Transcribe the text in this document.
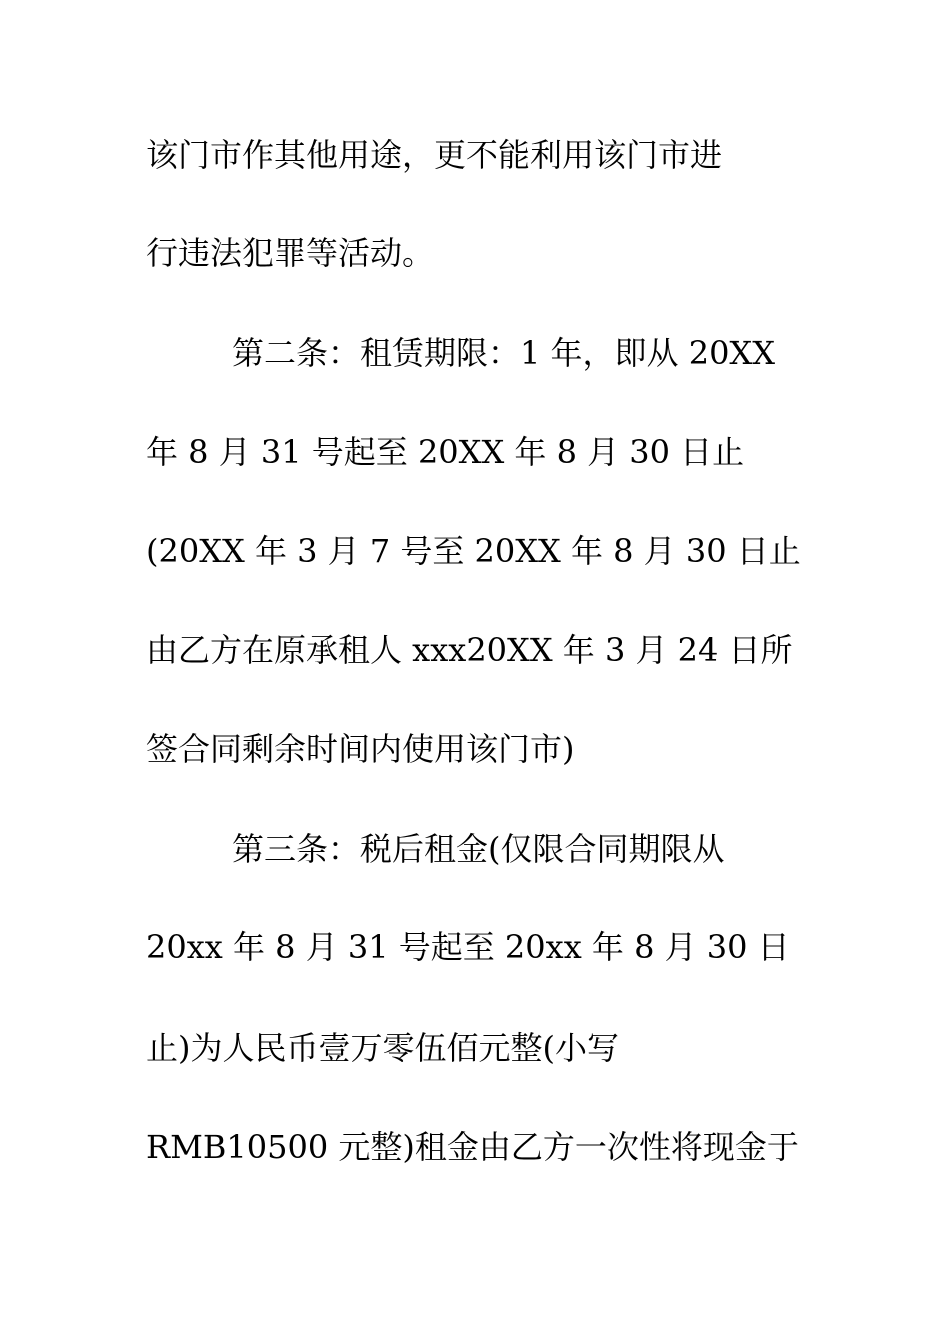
该门市作其他用途，更不能利用该门市进
行违法犯罪等活动。
第二条：租赁期限：1 年，即从 20XX
年 8 月 31 号起至 20XX 年 8 月 30 日止
(20XX 年 3 月 7 号至 20XX 年 8 月 30 日止
由乙方在原承租人 xxx20XX 年 3 月 24 日所
签合同剩余时间内使用该门市)
第三条：税后租金(仅限合同期限从
20xx 年 8 月 31 号起至 20xx 年 8 月 30 日
止)为人民币壹万零伍佰元整(小写
RMB10500 元整)租金由乙方一次性将现金于
